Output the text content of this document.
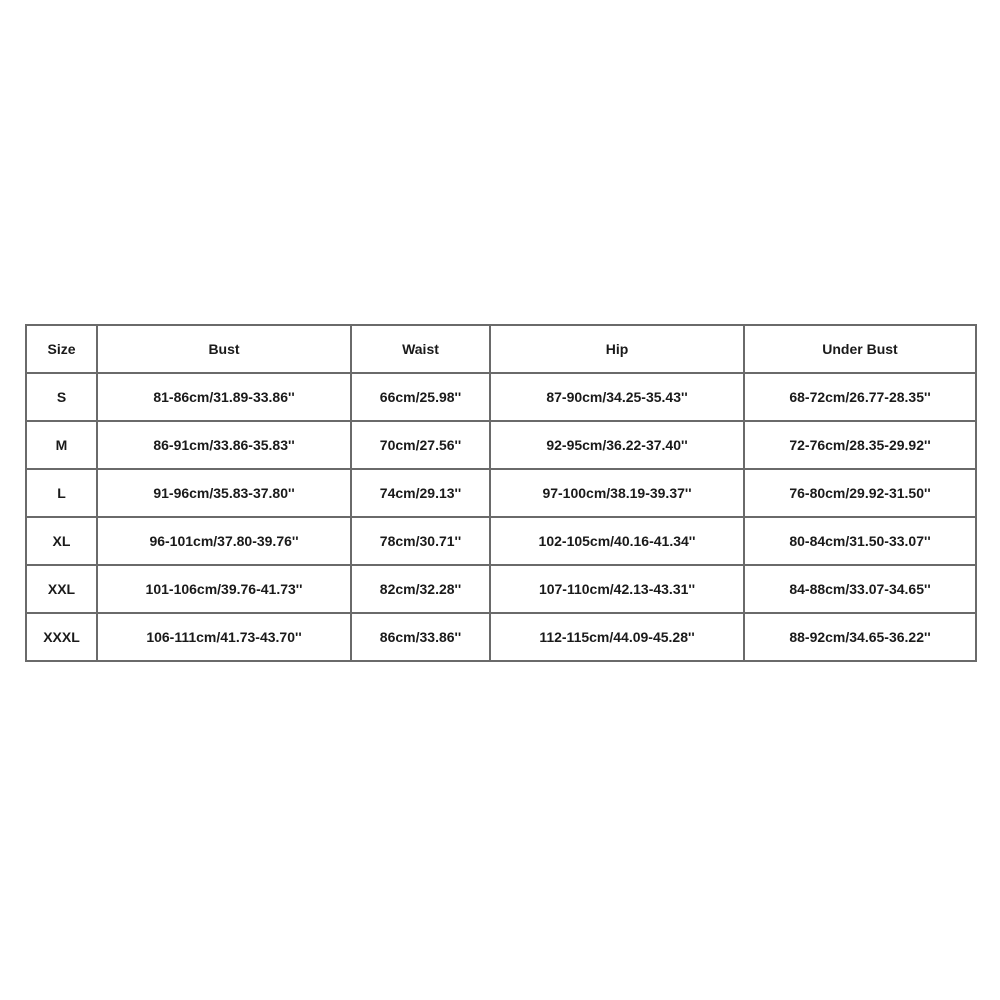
Size	Bust	Waist	Hip	Under Bust
S	81-86cm/31.89-33.86''	66cm/25.98''	87-90cm/34.25-35.43''	68-72cm/26.77-28.35''
M	86-91cm/33.86-35.83''	70cm/27.56''	92-95cm/36.22-37.40''	72-76cm/28.35-29.92''
L	91-96cm/35.83-37.80''	74cm/29.13''	97-100cm/38.19-39.37''	76-80cm/29.92-31.50''
XL	96-101cm/37.80-39.76''	78cm/30.71''	102-105cm/40.16-41.34''	80-84cm/31.50-33.07''
XXL	101-106cm/39.76-41.73''	82cm/32.28''	107-110cm/42.13-43.31''	84-88cm/33.07-34.65''
XXXL	106-111cm/41.73-43.70''	86cm/33.86''	112-115cm/44.09-45.28''	88-92cm/34.65-36.22''
